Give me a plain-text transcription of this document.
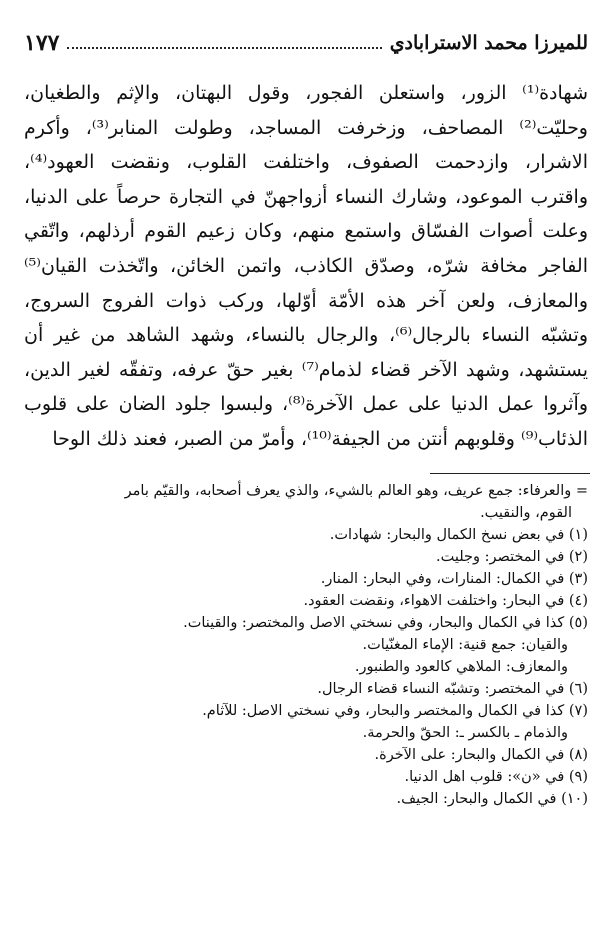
١٧٧	للميرزا محمد الاسترابادي
شهادة⁽¹⁾ الزور، واستعلن الفجور، وقول البهتان، والإثم والطغيان،
وحليّت⁽²⁾ المصاحف، وزخرفت المساجد، وطولت المنابر⁽³⁾، وأكرم
الاشرار، وازدحمت الصفوف، واختلفت القلوب، ونقضت العهود⁽⁴⁾،
واقترب الموعود، وشارك النساء أزواجهنّ في التجارة حرصاً على الدنيا،
وعلت أصوات الفسّاق واستمع منهم، وكان زعيم القوم أرذلهم، واتّقي
الفاجر مخافة شرّه، وصدّق الكاذب، واتمن الخائن، واتّخذت القيان⁽⁵⁾
والمعازف، ولعن آخر هذه الأمّة أوّلها، وركب ذوات الفروج السروج،
وتشبّه النساء بالرجال⁽⁶⁾، والرجال بالنساء، وشهد الشاهد من غير أن
يستشهد، وشهد الآخر قضاء لذمام⁽⁷⁾ بغير حقّ عرفه، وتفقّه لغير الدين،
وآثروا عمل الدنيا على عمل الآخرة⁽⁸⁾، ولبسوا جلود الضان على قلوب
الذئاب⁽⁹⁾ وقلوبهم أنتن من الجيفة⁽¹⁰⁾، وأمرّ من الصبر، فعند ذلك الوحا
= والعرفاء: جمع عريف، وهو العالم بالشيء، والذي يعرف أصحابه، والقيّم بامر
القوم، والنقيب.
(١) في بعض نسخ الكمال والبحار: شهادات.
(٢) في المختصر: وجليت.
(٣) في الكمال: المنارات، وفي البحار: المنار.
(٤) في البحار: واختلفت الاهواء، ونقضت العقود.
(٥) كذا في الكمال والبحار، وفي نسختي الاصل والمختصر: والقينات.
والقيان: جمع قنية: الإماء المغنّيات.
والمعازف: الملاهي كالعود والطنبور.
(٦) في المختصر: وتشبّه النساء قضاء الرجال.
(٧) كذا في الكمال والمختصر والبحار، وفي نسختي الاصل: للآثام.
والذمام ـ بالكسر ـ: الحقّ والحرمة.
(٨) في الكمال والبحار: على الآخرة.
(٩) في «ن»: قلوب اهل الدنيا.
(١٠) في الكمال والبحار: الجيف.
